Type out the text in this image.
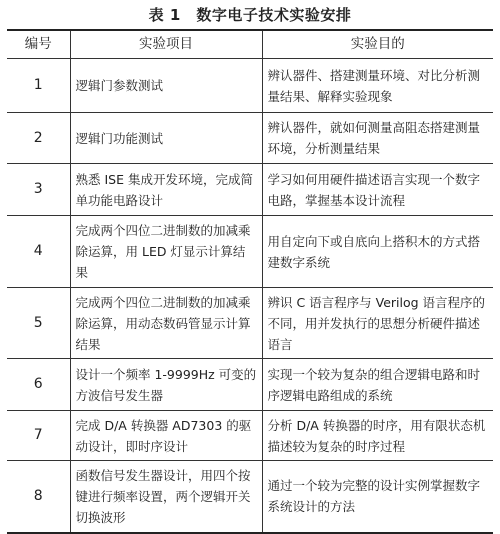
表 1　数字电子技术实验安排
编号	实验项目	实验目的
1	逻辑门参数测试	辨认器件、搭建测量环境、对比分析测量结果、解释实验现象
2	逻辑门功能测试	辨认器件，就如何测量高阻态搭建测量环境，分析测量结果
3	熟悉 ISE 集成开发环境，完成简单功能电路设计	学习如何用硬件描述语言实现一个数字电路，掌握基本设计流程
4	完成两个四位二进制数的加减乘除运算，用 LED 灯显示计算结果	用自定向下或自底向上搭积木的方式搭建数字系统
5	完成两个四位二进制数的加减乘除运算，用动态数码管显示计算结果	辨识 C 语言程序与 Verilog 语言程序的不同，用并发执行的思想分析硬件描述语言
6	设计一个频率 1-9999Hz 可变的方波信号发生器	实现一个较为复杂的组合逻辑电路和时序逻辑电路组成的系统
7	完成 D/A 转换器 AD7303 的驱动设计，即时序设计	分析 D/A 转换器的时序，用有限状态机描述较为复杂的时序过程
8	函数信号发生器设计，用四个按键进行频率设置，两个逻辑开关切换波形	通过一个较为完整的设计实例掌握数字系统设计的方法
